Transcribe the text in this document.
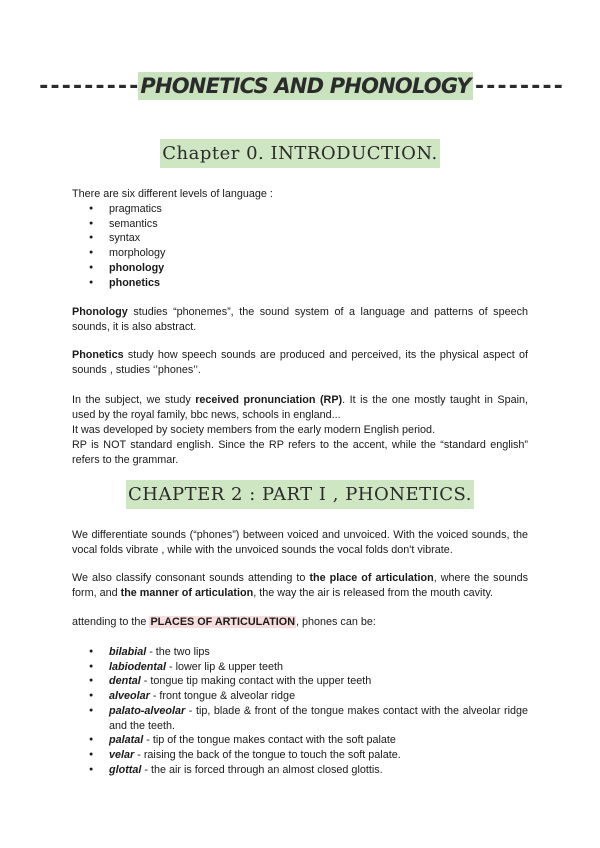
---------PHONETICS AND PHONOLOGY--------
Chapter 0. INTRODUCTION.

There are six different levels of language :

● pragmatics
● semantics
● syntax
● morphology
● phonology
● phonetics

Phonology studies “phonemes”, the sound system of a language and patterns of speech sounds, it is also abstract.

Phonetics study how speech sounds are produced and perceived, its the physical aspect of sounds , studies ‘’phones’’.

In the subject, we study received pronunciation (RP). It is the one mostly taught in Spain, used by the royal family, bbc news, schools in england...
It was developed by society members from the early modern English period.
RP is NOT standard english. Since the RP refers to the accent, while the “standard english” refers to the grammar.
CHAPTER 2 : PART I , PHONETICS.

We differentiate sounds (“phones”) between voiced and unvoiced. With the voiced sounds, the vocal folds vibrate , while with the unvoiced sounds the vocal folds don't vibrate.

We also classify consonant sounds attending to the place of articulation, where the sounds form, and the manner of articulation, the way the air is released from the mouth cavity.

attending to the PLACES OF ARTICULATION, phones can be:

● bilabial - the two lips
● labiodental - lower lip & upper teeth
● dental - tongue tip making contact with the upper teeth
● alveolar - front tongue & alveolar ridge
● palato-alveolar - tip, blade & front of the tongue makes contact with the alveolar ridge and the teeth.
● palatal - tip of the tongue makes contact with the soft palate
● velar - raising the back of the tongue to touch the soft palate.
● glottal - the air is forced through an almost closed glottis.
